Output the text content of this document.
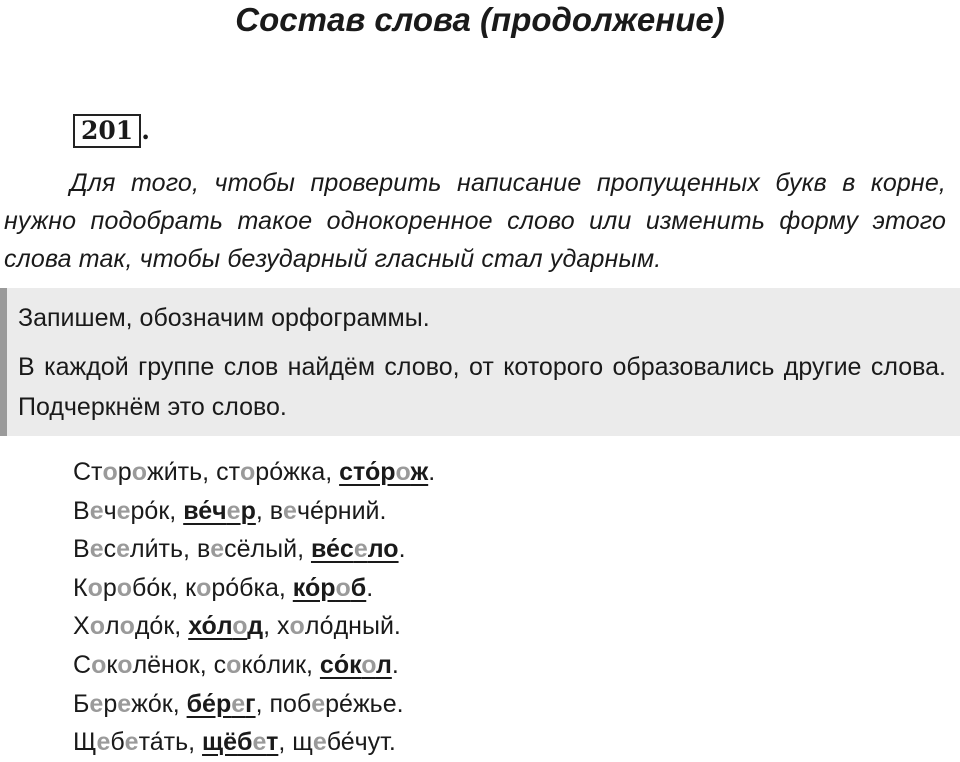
Состав слова (продолжение)
201 .
Для того, чтобы проверить написание пропущенных букв в корне, нужно подобрать такое однокоренное слово или изменить форму этого слова так, чтобы безударный гласный стал ударным.

Запишем, обозначим орфограммы.

В каждой группе слов найдём слово, от которого образовались другие слова. Подчеркнём это слово.

Сторожи́ть, сторо́жка, сто́рож.
Вечеро́к, ве́чер, вече́рний.
Весели́ть, весёлый, ве́село.
Коробо́к, коро́бка, ко́роб.
Холодо́к, хо́лод, холо́дный.
Соколёнок, соко́лик, со́кол.
Бережо́к, бе́рег, побере́жье.
Щебета́ть, щёбет, щебе́чут.
